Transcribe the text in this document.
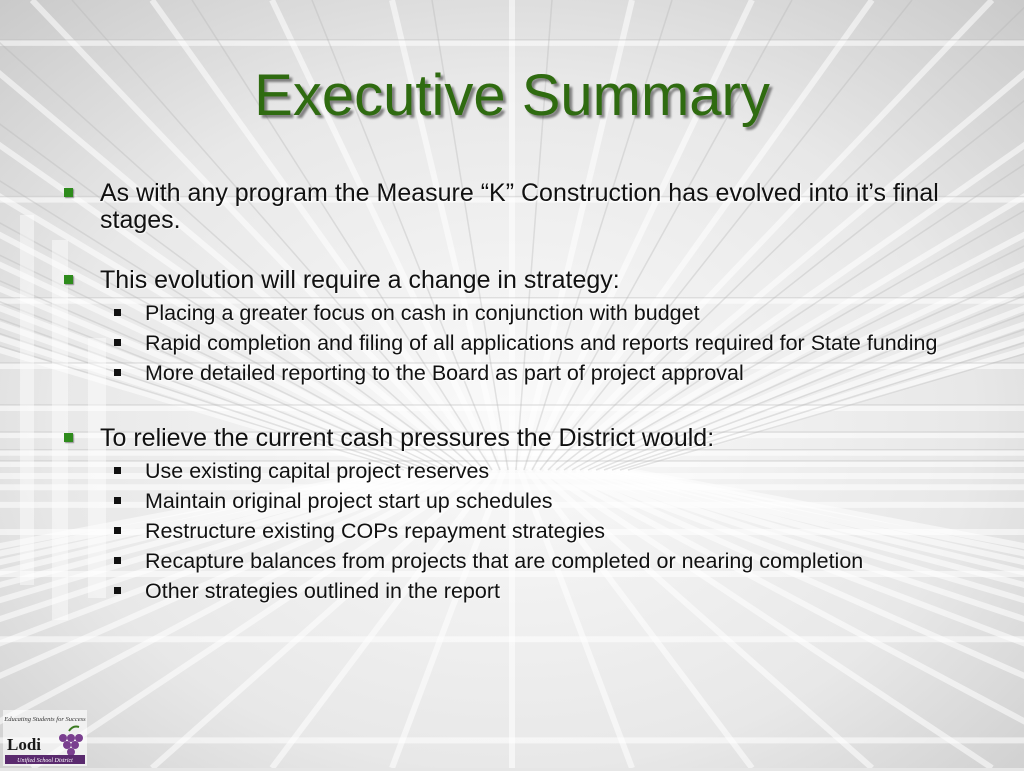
Executive Summary
As with any program the Measure “K” Construction has evolved into it’s final stages.
This evolution will require a change in strategy:
Placing a greater focus on cash in conjunction with budget
Rapid completion and filing of all applications and reports required for State funding
More detailed reporting to the Board as part of project approval
To relieve the current cash pressures the District would:
Use existing capital project reserves
Maintain original project start up schedules
Restructure existing COPs repayment strategies
Recapture balances from projects that are completed or nearing completion
Other strategies outlined in the report
Educating Students for Success
Lodi
Unified School District
